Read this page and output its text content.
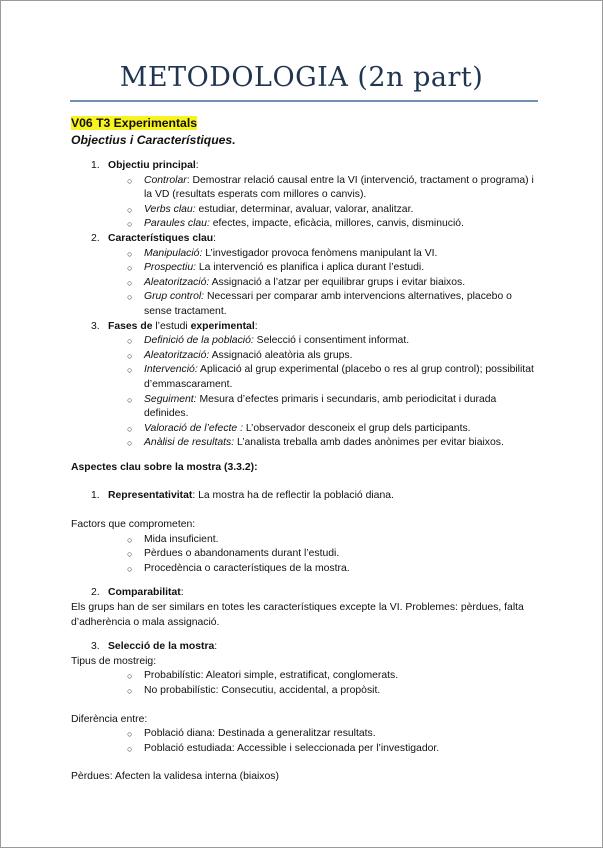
METODOLOGIA (2n part)

V06 T3 Experimentals

Objectius i Característiques.

1. Objectiu principal:
○ Controlar: Demostrar relació causal entre la VI (intervenció, tractament o programa) i la VD (resultats esperats com millores o canvis).
○ Verbs clau: estudiar, determinar, avaluar, valorar, analitzar.
○ Paraules clau: efectes, impacte, eficàcia, millores, canvis, disminució.
2. Característiques clau:
○ Manipulació: L’investigador provoca fenòmens manipulant la VI.
○ Prospectiu: La intervenció es planifica i aplica durant l’estudi.
○ Aleatorització: Assignació a l’atzar per equilibrar grups i evitar biaixos.
○ Grup control: Necessari per comparar amb intervencions alternatives, placebo o sense tractament.
3. Fases de l’estudi experimental:
○ Definició de la població: Selecció i consentiment informat.
○ Aleatorització: Assignació aleatòria als grups.
○ Intervenció: Aplicació al grup experimental (placebo o res al grup control); possibilitat d’emmascarament.
○ Seguiment: Mesura d’efectes primaris i secundaris, amb periodicitat i durada definides.
○ Valoració de l’efecte : L’observador desconeix el grup dels participants.
○ Anàlisi de resultats: L’analista treballa amb dades anònimes per evitar biaixos.

Aspectes clau sobre la mostra (3.3.2):

1. Representativitat: La mostra ha de reflectir la població diana.

Factors que comprometen:

○ Mida insuficient.
○ Pèrdues o abandonaments durant l’estudi.
○ Procedència o característiques de la mostra.
2. Comparabilitat:

Els grups han de ser similars en totes les característiques excepte la VI. Problemes: pèrdues, falta d’adherència o mala assignació.

3. Selecció de la mostra:

Tipus de mostreig:

○ Probabilístic: Aleatori simple, estratificat, conglomerats.
○ No probabilístic: Consecutiu, accidental, a propòsit.

Diferència entre:

○ Població diana: Destinada a generalitzar resultats.
○ Població estudiada: Accessible i seleccionada per l’investigador.

Pèrdues: Afecten la validesa interna (biaixos)
